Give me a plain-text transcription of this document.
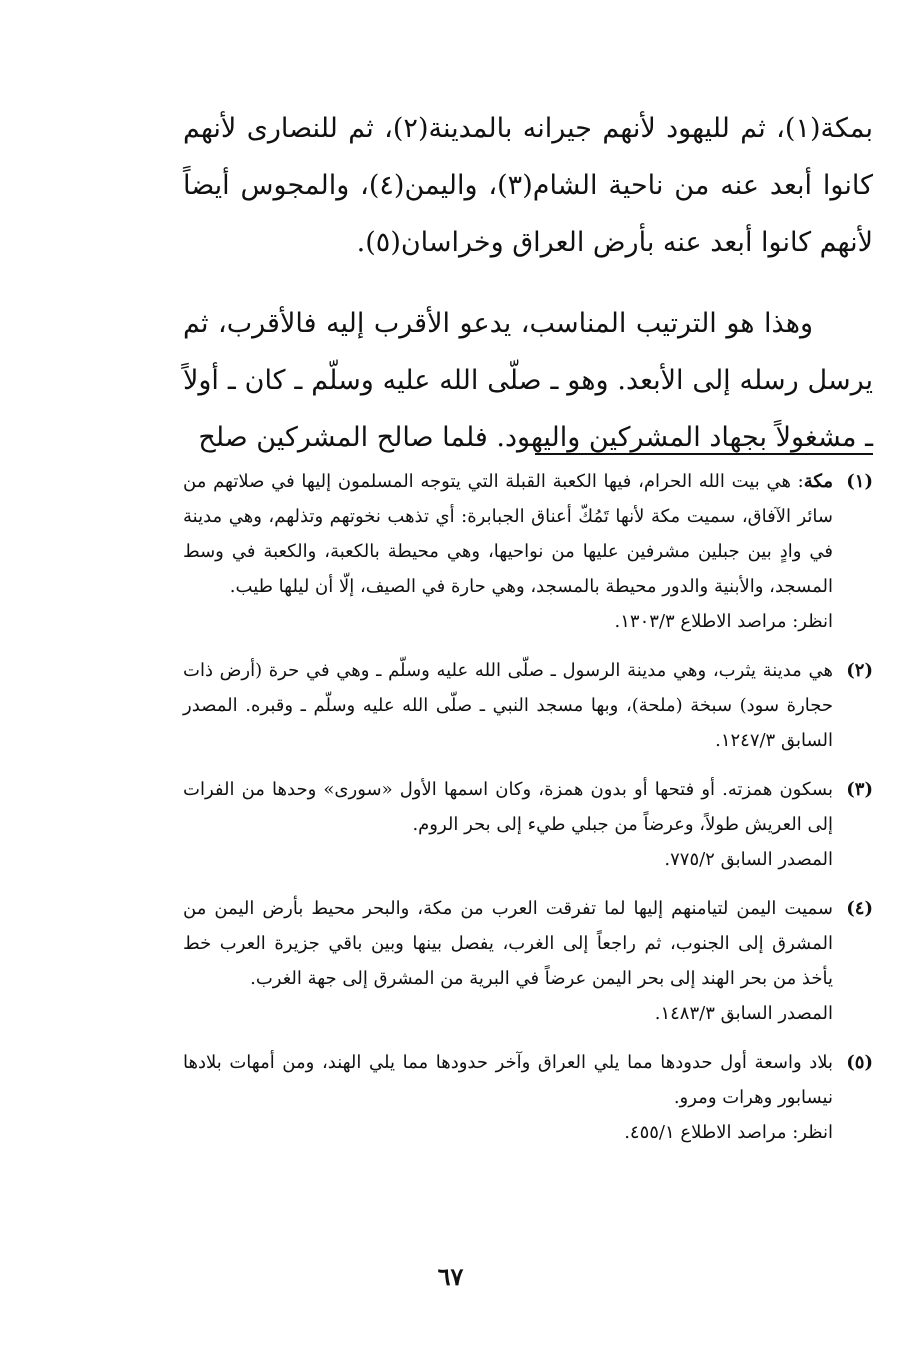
بمكة(١)، ثم لليهود لأنهم جيرانه بالمدينة(٢)، ثم للنصارى لأنهم كانوا أبعد عنه من ناحية الشام(٣)، واليمن(٤)، والمجوس أيضاً لأنهم كانوا أبعد عنه بأرض العراق وخراسان(٥).

وهذا هو الترتيب المناسب، يدعو الأقرب إليه فالأقرب، ثم يرسل رسله إلى الأبعد. وهو ـ صلّى الله عليه وسلّم ـ كان ـ أولاً ـ مشغولاً بجهاد المشركين واليهود. فلما صالح المشركين صلح

(١)
مكة: هي بيت الله الحرام، فيها الكعبة القبلة التي يتوجه المسلمون إليها في صلاتهم من سائر الآفاق، سميت مكة لأنها تَمُكّ أعناق الجبابرة: أي تذهب نخوتهم وتذلهم، وهي مدينة في وادٍ بين جبلين مشرفين عليها من نواحيها، وهي محيطة بالكعبة، والكعبة في وسط المسجد، والأبنية والدور محيطة بالمسجد، وهي حارة في الصيف، إلّا أن ليلها طيب.
انظر: مراصد الاطلاع ١٣٠٣/٣.
(٢)
هي مدينة يثرب، وهي مدينة الرسول ـ صلّى الله عليه وسلّم ـ وهي في حرة (أرض ذات حجارة سود) سبخة (ملحة)، وبها مسجد النبي ـ صلّى الله عليه وسلّم ـ وقبره. المصدر السابق ١٢٤٧/٣.
(٣)
بسكون همزته. أو فتحها أو بدون همزة، وكان اسمها الأول «سورى» وحدها من الفرات إلى العريش طولاً، وعرضاً من جبلي طيء إلى بحر الروم.
المصدر السابق ٧٧٥/٢.
(٤)
سميت اليمن لتيامنهم إليها لما تفرقت العرب من مكة، والبحر محيط بأرض اليمن من المشرق إلى الجنوب، ثم راجعاً إلى الغرب، يفصل بينها وبين باقي جزيرة العرب خط يأخذ من بحر الهند إلى بحر اليمن عرضاً في البرية من المشرق إلى جهة الغرب.
المصدر السابق ١٤٨٣/٣.
(٥)
بلاد واسعة أول حدودها مما يلي العراق وآخر حدودها مما يلي الهند، ومن أمهات بلادها نيسابور وهرات ومرو.
انظر: مراصد الاطلاع ٤٥٥/١.
٦٧
